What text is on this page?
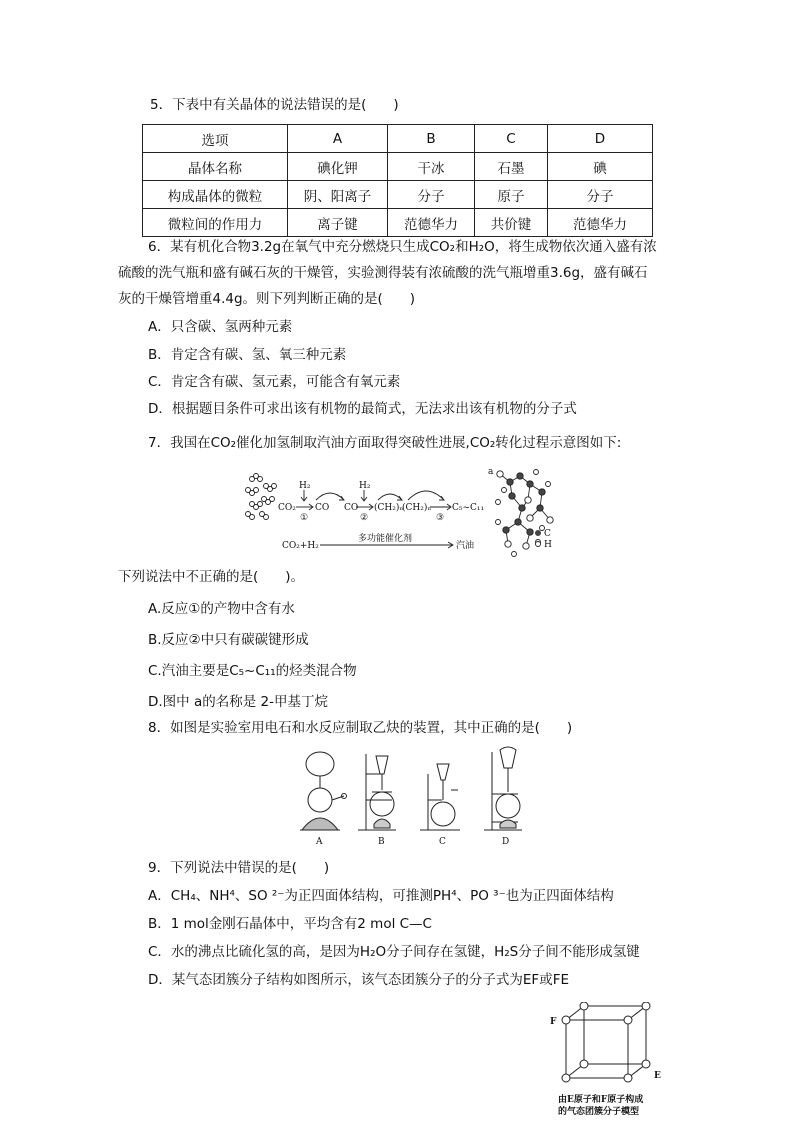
5．下表中有关晶体的说法错误的是(　　)
选项	A	B	C	D
晶体名称	碘化钾	干冰	石墨	碘
构成晶体的微粒	阴、阳离子	分子	原子	分子
微粒间的作用力	离子键	范德华力	共价键	范德华力
6．某有机化合物3.2g在氧气中充分燃烧只生成CO₂和H₂O，将生成物依次通入盛有浓
硫酸的洗气瓶和盛有碱石灰的干燥管，实验测得装有浓硫酸的洗气瓶增重3.6g，盛有碱石
灰的干燥管增重4.4g。则下列判断正确的是(　　)
A．只含碳、氢两种元素
B．肯定含有碳、氢、氧三种元素
C．肯定含有碳、氢元素，可能含有氧元素
D．根据题目条件可求出该有机物的最简式，无法求出该有机物的分子式
7．我国在CO₂催化加氢制取汽油方面取得突破性进展,CO₂转化过程示意图如下:
CO₂
H₂
①
CO CO
H₂
②
(CH₂)ₙ
(CH₂)ₙ
③
C₅~C₁₁
CO₂+H₂
多功能催化剂
汽油
a
C
H
下列说法中不正确的是(　　)。
A.反应①的产物中含有水
B.反应②中只有碳碳键形成
C.汽油主要是C₅~C₁₁的烃类混合物
D.图中 a的名称是 2-甲基丁烷
8．如图是实验室用电石和水反应制取乙炔的装置，其中正确的是(　　)
A	B	C	D
9．下列说法中错误的是(　　)
A．CH₄、NH⁴、SO ²⁻为正四面体结构，可推测PH⁴、PO ³⁻也为正四面体结构
B．1 mol金刚石晶体中，平均含有2 mol C—C
C．水的沸点比硫化氢的高，是因为H₂O分子间存在氢键，H₂S分子间不能形成氢键
D．某气态团簇分子结构如图所示，该气态团簇分子的分子式为EF或FE
F
E
由E原子和F原子构成
的气态团簇分子模型
